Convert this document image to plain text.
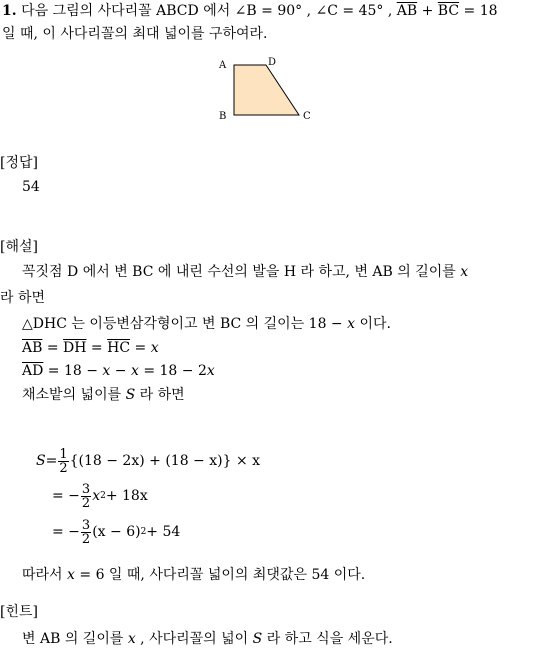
1. 다음 그림의 사다리꼴 ABCD 에서 ∠B = 90° , ∠C = 45° , $\overline{AB} + \overline{BC} = 18$
일 때, 이 사다리꼴의 최대 넓이를 구하여라.
A	D
B	C
[정답]
54
[해설]
꼭짓점 D 에서 변 BC 에 내린 수선의 발을 H 라 하고, 변 AB 의 길이를 x
라 하면
△DHC 는 이등변삼각형이고 변 BC 의 길이는 18 − x 이다.
$\overline{AB} = \overline{DH} = \overline{HC} = x$
$\overline{AD} = 18 - x - x = 18 - 2x$
채소밭의 넓이를 S 라 하면
$S = \frac{1}{2} \{(18 - 2x) + (18 - x)\} \times x$
= − $\frac{3}{2}$ x 2 + 18x
= − $\frac{3}{2} (x - 6) 2 + 54$
따라서 x = 6 일 때, 사다리꼴 넓이의 최댓값은 54 이다.
[힌트]
변 AB 의 길이를 x , 사다리꼴의 넓이 S 라 하고 식을 세운다.
